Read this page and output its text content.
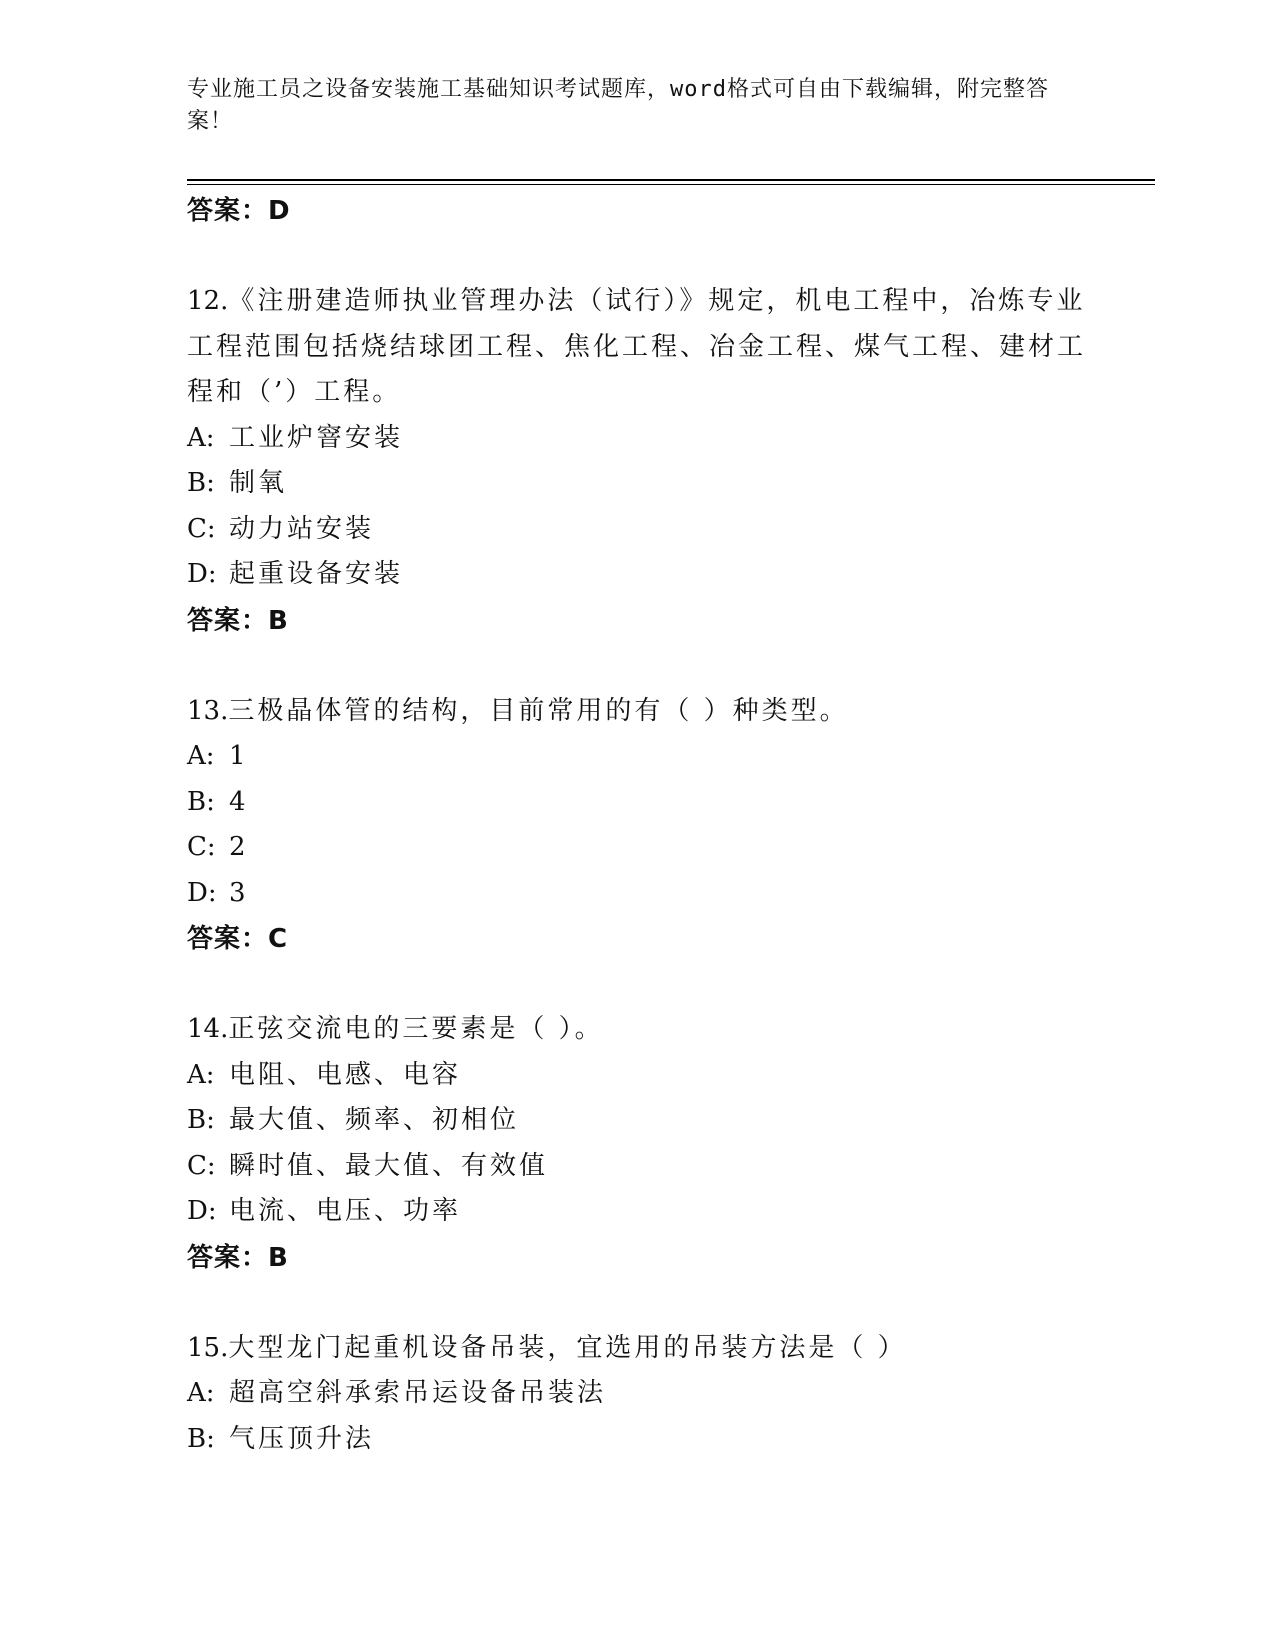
专业施工员之设备安装施工基础知识考试题库，word格式可自由下载编辑，附完整答案！
答案：D
12.《注册建造师执业管理办法（试行）》规定，机电工程中，冶炼专业工程范围包括烧结球团工程、焦化工程、冶金工程、煤气工程、建材工程和（’）工程。
A: 工业炉窨安装
B: 制氧
C: 动力站安装
D: 起重设备安装
答案：B
13.三极晶体管的结构，目前常用的有（ ）种类型。
A: 1
B: 4
C: 2
D: 3
答案：C
14.正弦交流电的三要素是（ ）。
A: 电阻、电感、电容
B: 最大值、频率、初相位
C: 瞬时值、最大值、有效值
D: 电流、电压、功率
答案：B
15.大型龙门起重机设备吊装，宜选用的吊装方法是（ ）
A: 超高空斜承索吊运设备吊装法
B: 气压顶升法
